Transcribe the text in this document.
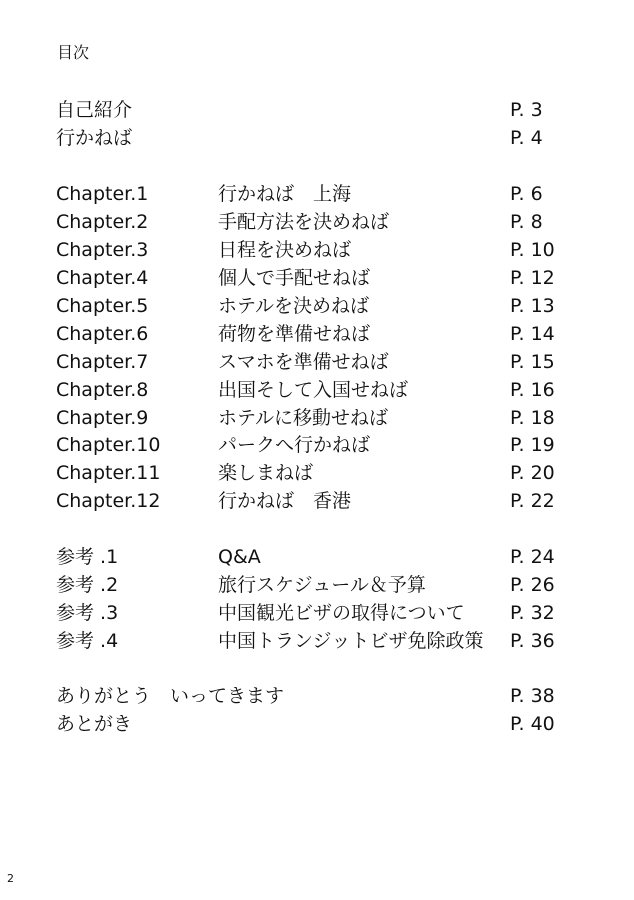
目次
自己紹介	P. 3
行かねば	P. 4
Chapter.1	行かねば　上海	P. 6
Chapter.2	手配方法を決めねば	P. 8
Chapter.3	日程を決めねば	P. 10
Chapter.4	個人で手配せねば	P. 12
Chapter.5	ホテルを決めねば	P. 13
Chapter.6	荷物を準備せねば	P. 14
Chapter.7	スマホを準備せねば	P. 15
Chapter.8	出国そして入国せねば	P. 16
Chapter.9	ホテルに移動せねば	P. 18
Chapter.10	パークへ行かねば	P. 19
Chapter.11	楽しまねば	P. 20
Chapter.12	行かねば　香港	P. 22
参考 .1	Q&A	P. 24
参考 .2	旅行スケジュール＆予算	P. 26
参考 .3	中国観光ビザの取得について P. 32
参考 .4	中国トランジットビザ免除政策 P. 36
ありがとう　いってきます	P. 38
あとがき	P. 40
2
